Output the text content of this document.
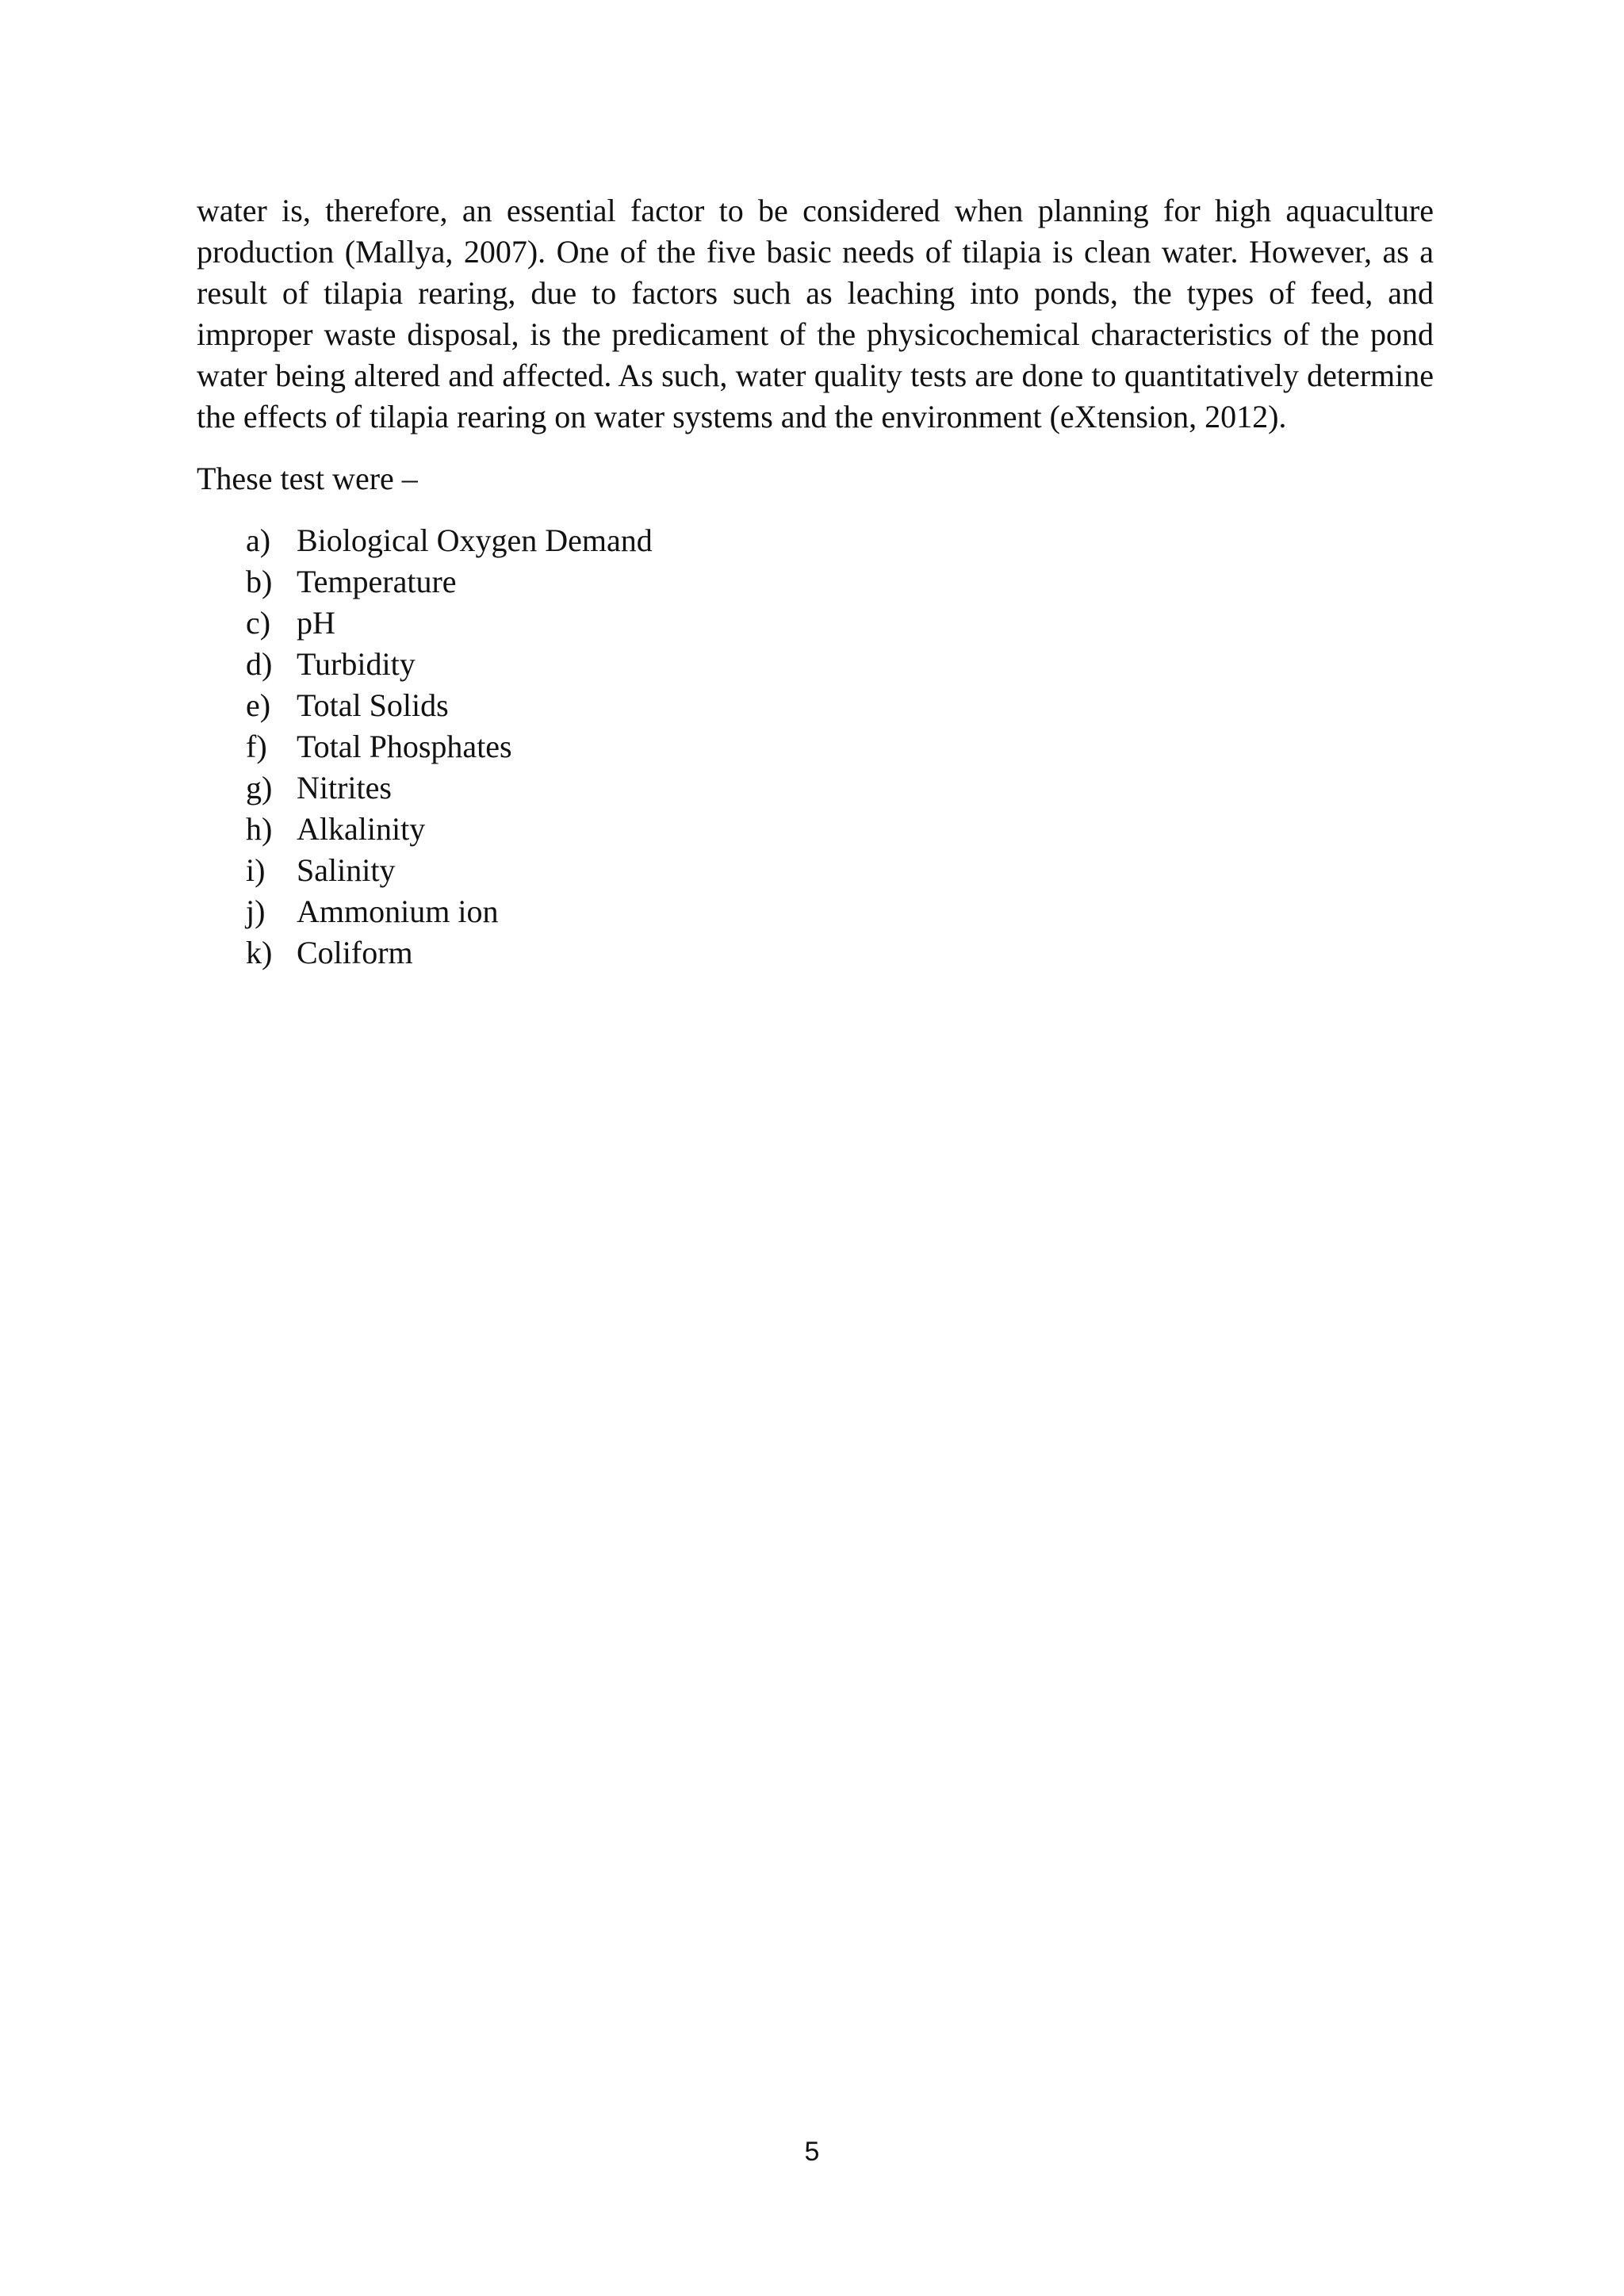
water is, therefore, an essential factor to be considered when planning for high aquaculture production (Mallya, 2007). One of the five basic needs of tilapia is clean water. However, as a result of tilapia rearing, due to factors such as leaching into ponds, the types of feed, and improper waste disposal, is the predicament of the physicochemical characteristics of the pond water being altered and affected. As such, water quality tests are done to quantitatively determine the effects of tilapia rearing on water systems and the environment (eXtension, 2012).

These test were –

a) Biological Oxygen Demand
b) Temperature
c) pH
d) Turbidity
e) Total Solids
f) Total Phosphates
g) Nitrites
h) Alkalinity
i) Salinity
j) Ammonium ion
k) Coliform
5
